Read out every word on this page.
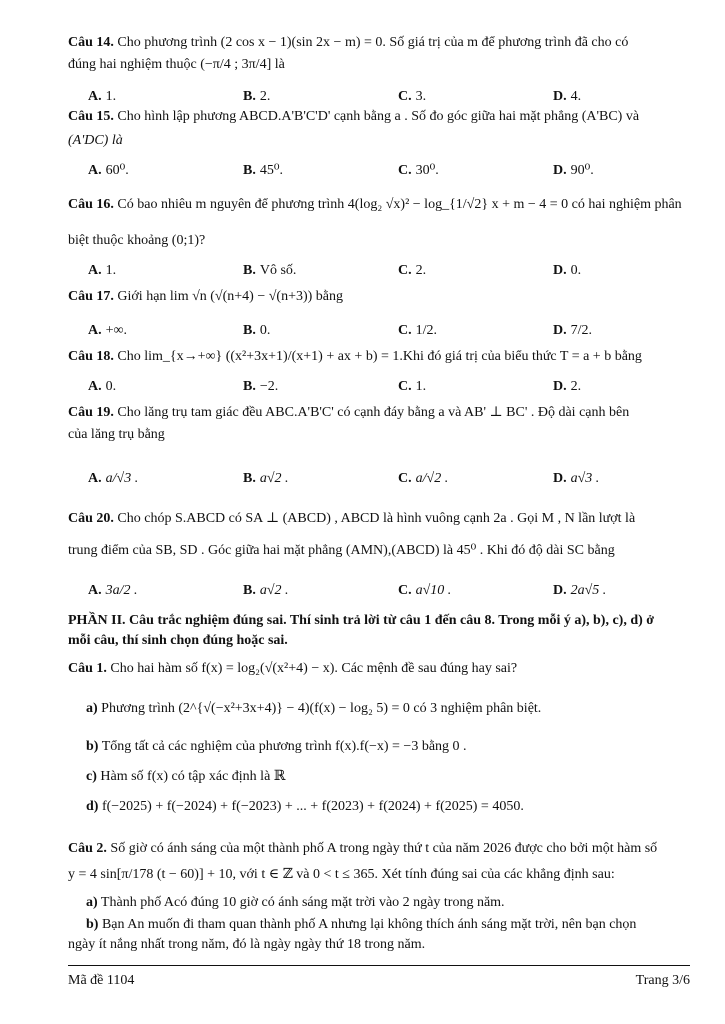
Câu 14. Cho phương trình (2 cos x − 1)(sin 2x − m) = 0. Số giá trị của m để phương trình đã cho có
đúng hai nghiệm thuộc (−π/4 ; 3π/4] là
A. 1.	B. 2.	C. 3.	D. 4.
Câu 15. Cho hình lập phương ABCD.A'B'C'D' cạnh bằng a . Số đo góc giữa hai mặt phẳng (A'BC) và
(A'DC) là
A. 60⁰.	B. 45⁰.	C. 30⁰.	D. 90⁰.
Câu 16. Có bao nhiêu m nguyên để phương trình 4(log₂ √x)² − log_{1/√2} x + m − 4 = 0 có hai nghiệm phân
biệt thuộc khoảng (0;1)?
A. 1.	B. Vô số.	C. 2.	D. 0.
Câu 17. Giới hạn lim √n (√(n+4) − √(n+3)) bằng
A. +∞.	B. 0.	C. 1/2.	D. 7/2.
Câu 18. Cho lim_{x→+∞} ((x²+3x+1)/(x+1) + ax + b) = 1.Khi đó giá trị của biểu thức T = a + b bằng
A. 0.	B. −2.	C. 1.	D. 2.
Câu 19. Cho lăng trụ tam giác đều ABC.A'B'C' có cạnh đáy bằng a và AB' ⊥ BC' . Độ dài cạnh bên
của lăng trụ bằng
A. a/√3 .	B. a√2 .	C. a/√2 .	D. a√3 .
Câu 20. Cho chóp S.ABCD có SA ⊥ (ABCD) , ABCD là hình vuông cạnh 2a . Gọi M , N lần lượt là
trung điểm của SB, SD . Góc giữa hai mặt phẳng (AMN),(ABCD) là 45⁰ . Khi đó độ dài SC bằng
A. 3a/2 .	B. a√2 .	C. a√10 .	D. 2a√5 .
PHẦN II. Câu trắc nghiệm đúng sai. Thí sinh trả lời từ câu 1 đến câu 8. Trong mỗi ý a), b), c), d) ở
mỗi câu, thí sinh chọn đúng hoặc sai.
Câu 1. Cho hai hàm số f(x) = log₂(√(x²+4) − x). Các mệnh đề sau đúng hay sai?
a) Phương trình (2^{√(−x²+3x+4)} − 4)(f(x) − log₂ 5) = 0 có 3 nghiệm phân biệt.
b) Tổng tất cả các nghiệm của phương trình f(x).f(−x) = −3 bằng 0 .
c) Hàm số f(x) có tập xác định là ℝ
d) f(−2025) + f(−2024) + f(−2023) + ... + f(2023) + f(2024) + f(2025) = 4050.
Câu 2. Số giờ có ánh sáng của một thành phố A trong ngày thứ t của năm 2026 được cho bởi một hàm số
y = 4 sin[π/178 (t − 60)] + 10, với t ∈ ℤ và 0 < t ≤ 365. Xét tính đúng sai của các khẳng định sau:
a) Thành phố Acó đúng 10 giờ có ánh sáng mặt trời vào 2 ngày trong năm.
b) Bạn An muốn đi tham quan thành phố A nhưng lại không thích ánh sáng mặt trời, nên bạn chọn
ngày ít nắng nhất trong năm, đó là ngày ngày thứ 18 trong năm.
Mã đề 1104	Trang 3/6
